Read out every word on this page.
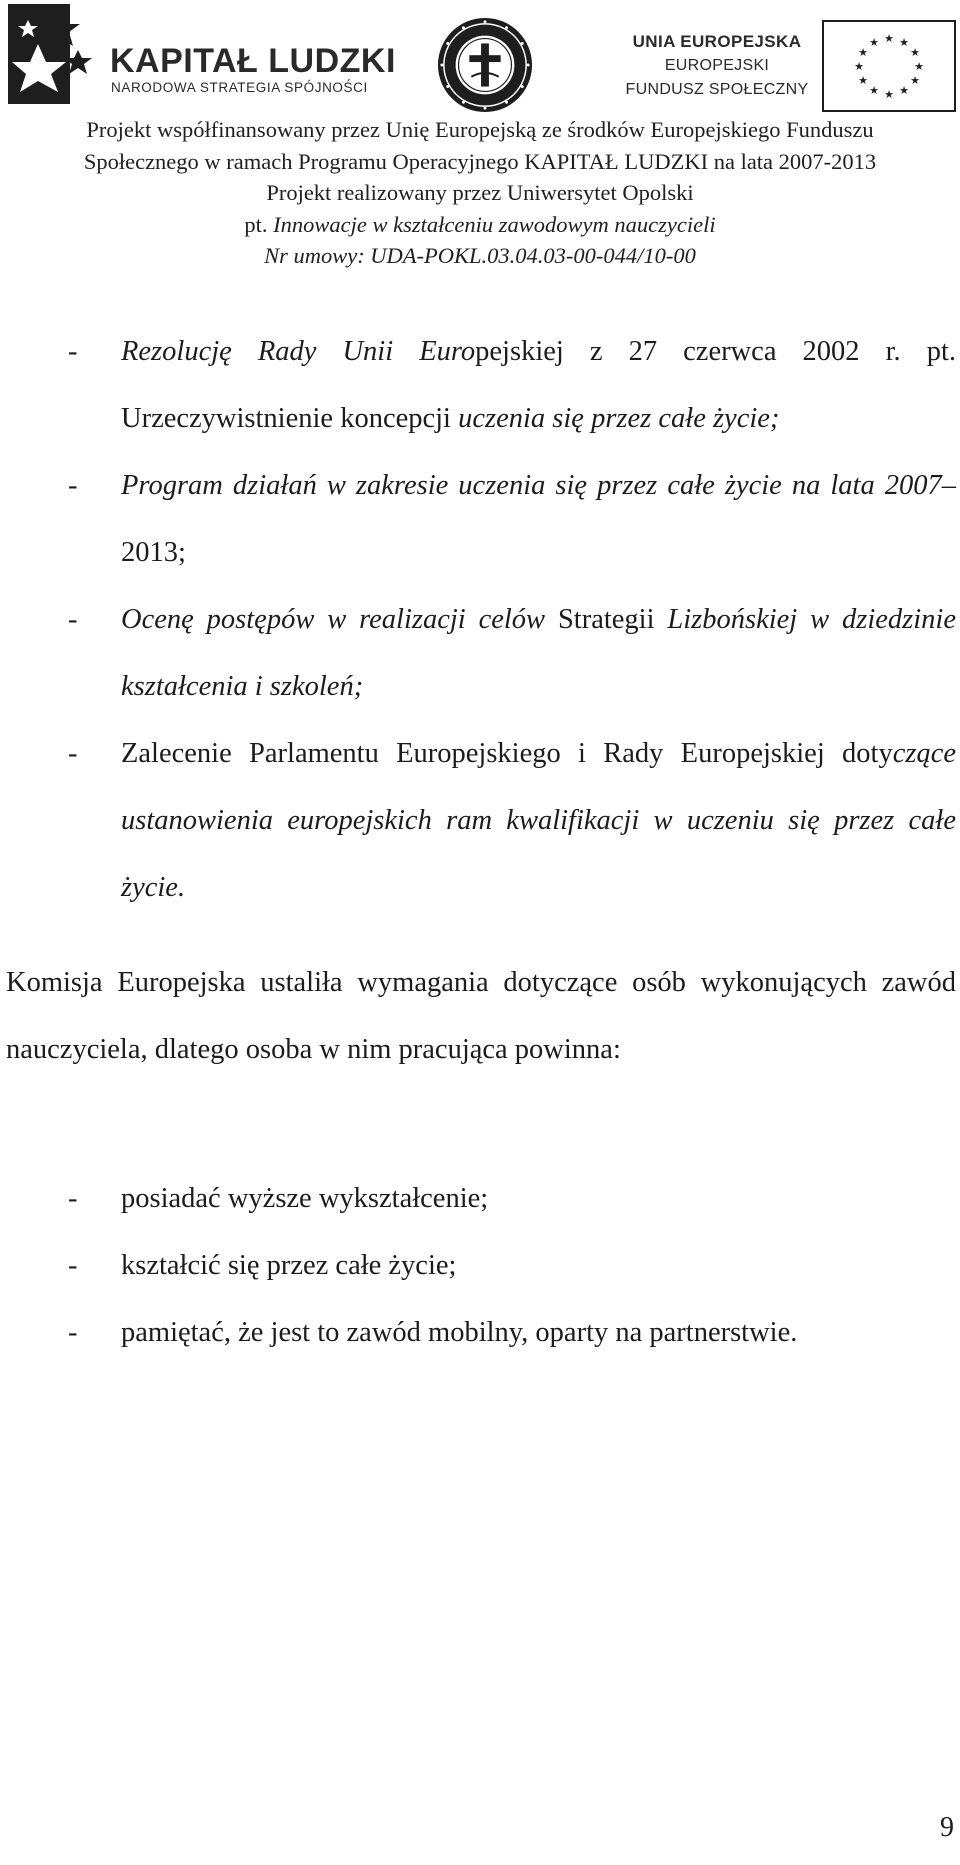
KAPITAŁ LUDZKI
NARODOWA STRATEGIA SPÓJNOŚCI
UNIA EUROPEJSKA
EUROPEJSKI
FUNDUSZ SPOŁECZNY
★ ★
★
★
★
★
★
★
★
★
★
★
Projekt współfinansowany przez Unię Europejską ze środków Europejskiego Funduszu
Społecznego w ramach Programu Operacyjnego KAPITAŁ LUDZKI na lata 2007-2013
Projekt realizowany przez Uniwersytet Opolski
pt. Innowacje w kształceniu zawodowym nauczycieli
Nr umowy: UDA-POKL.03.04.03-00-044/10-00

- Rezolucję Rady Unii Europejskiej z 27 czerwca 2002 r. pt. Urzeczywistnienie koncepcji uczenia się przez całe życie;

- Program działań w zakresie uczenia się przez całe życie na lata 2007–2013;

- Ocenę postępów w realizacji celów Strategii Lizbońskiej w dziedzinie kształcenia i szkoleń;

- Zalecenie Parlamentu Europejskiego i Rady Europejskiej dotyczące ustanowienia europejskich ram kwalifikacji w uczeniu się przez całe życie.

Komisja Europejska ustaliła wymagania dotyczące osób wykonujących zawód nauczyciela, dlatego osoba w nim pracująca powinna:

- posiadać wyższe wykształcenie;

- kształcić się przez całe życie;

- pamiętać, że jest to zawód mobilny, oparty na partnerstwie.

9
